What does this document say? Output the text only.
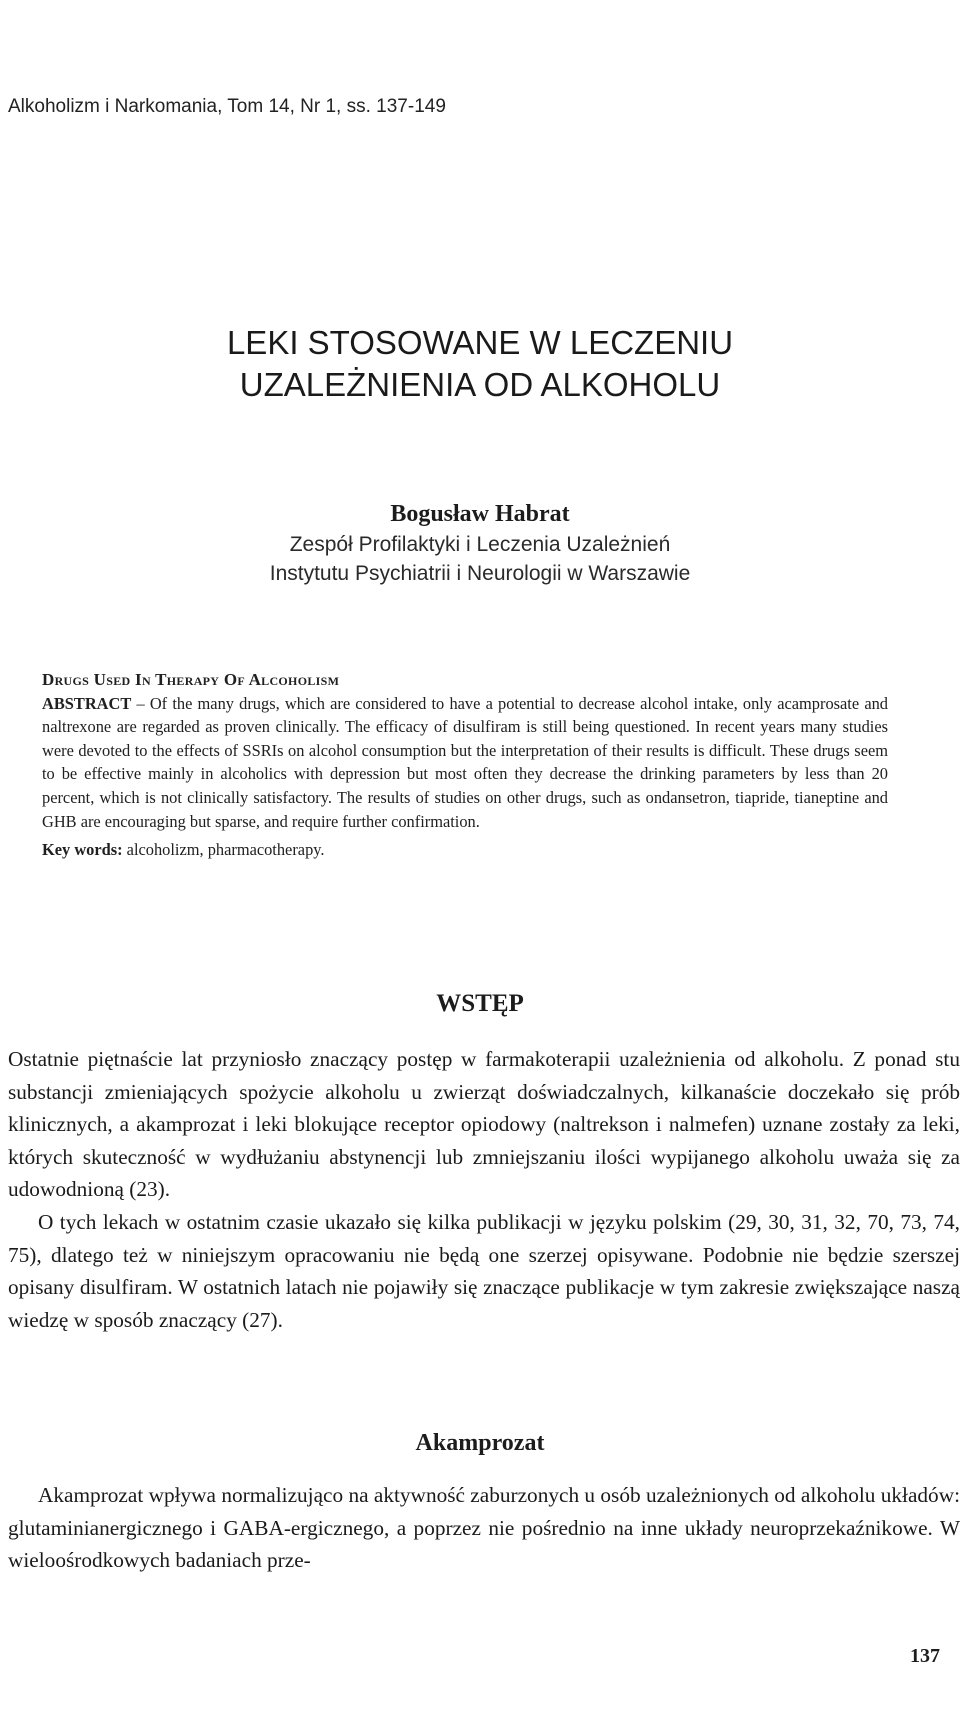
Alkoholizm i Narkomania, Tom 14, Nr 1, ss. 137-149
LEKI STOSOWANE W LECZENIU
UZALEŻNIENIA OD ALKOHOLU
Bogusław Habrat
Zespół Profilaktyki i Leczenia Uzależnień
Instytutu Psychiatrii i Neurologii w Warszawie
Drugs Used In Therapy Of Alcoholism

ABSTRACT – Of the many drugs, which are considered to have a potential to decrease alcohol intake, only acamprosate and naltrexone are regarded as proven clinically. The efficacy of disulfiram is still being questioned. In recent years many studies were devoted to the effects of SSRIs on alcohol consumption but the interpretation of their results is difficult. These drugs seem to be effective mainly in alcoholics with depression but most often they decrease the drinking parameters by less than 20 percent, which is not clinically satisfactory. The results of studies on other drugs, such as ondansetron, tiapride, tianeptine and GHB are encouraging but sparse, and require further confirmation.

Key words: alcoholizm, pharmacotherapy.

WSTĘP

Ostatnie piętnaście lat przyniosło znaczący postęp w farmakoterapii uzależnienia od alkoholu. Z ponad stu substancji zmieniających spożycie alkoholu u zwierząt doświadczalnych, kilkanaście doczekało się prób klinicznych, a akamprozat i leki blokujące receptor opiodowy (naltrekson i nalmefen) uznane zostały za leki, których skuteczność w wydłużaniu abstynencji lub zmniejszaniu ilości wypijanego alkoholu uważa się za udowodnioną (23).

O tych lekach w ostatnim czasie ukazało się kilka publikacji w języku polskim (29, 30, 31, 32, 70, 73, 74, 75), dlatego też w niniejszym opracowaniu nie będą one szerzej opisywane. Podobnie nie będzie szerszej opisany disulfiram. W ostatnich latach nie pojawiły się znaczące publikacje w tym zakresie zwiększające naszą wiedzę w sposób znaczący (27).

Akamprozat

Akamprozat wpływa normalizująco na aktywność zaburzonych u osób uzależnionych od alkoholu układów: glutaminianergicznego i GABA-ergicznego, a poprzez nie pośrednio na inne układy neuroprzekaźnikowe. W wieloośrodkowych badaniach prze-

137
